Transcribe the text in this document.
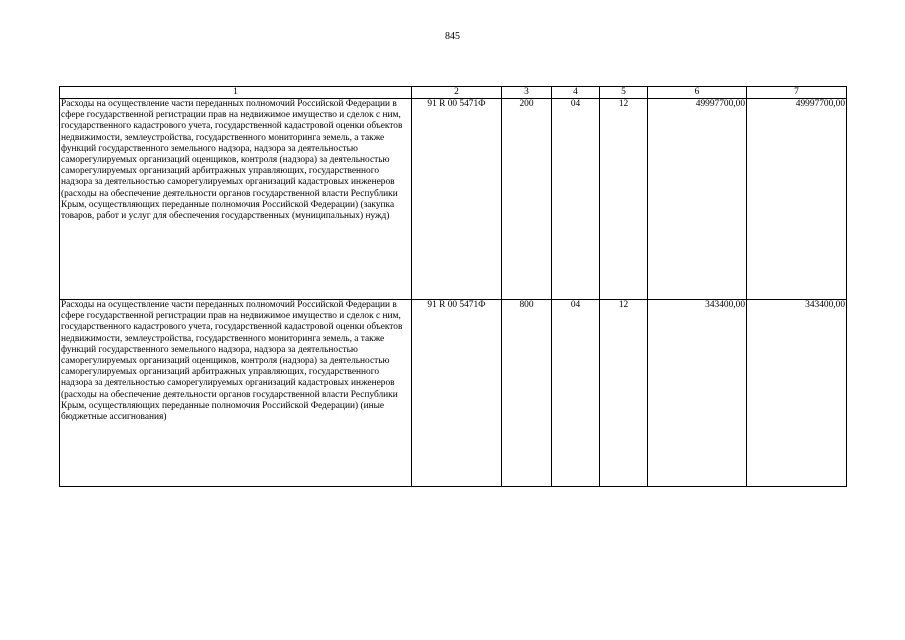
845
1	2	3	4	5	6	7
Расходы на осуществление части переданных полномочий Российской Федерации в сфере государственной регистрации прав на недвижимое имущество и сделок с ним, государственного кадастрового учета, государственной кадастровой оценки объектов недвижимости, землеустройства, государственного мониторинга земель, а также функций государственного земельного надзора, надзора за деятельностью саморегулируемых организаций оценщиков, контроля (надзора) за деятельностью саморегулируемых организаций арбитражных управляющих, государственного надзора за деятельностью саморегулируемых организаций кадастровых инженеров (расходы на обеспечение деятельности органов государственной власти Республики Крым, осуществляющих переданные полномочия Российской Федерации) (закупка товаров, работ и услуг для обеспечения государственных (муниципальных) нужд)	91 R 00 5471Ф	200	04	12	49997700,00	49997700,00
Расходы на осуществление части переданных полномочий Российской Федерации в сфере государственной регистрации прав на недвижимое имущество и сделок с ним, государственного кадастрового учета, государственной кадастровой оценки объектов недвижимости, землеустройства, государственного мониторинга земель, а также функций государственного земельного надзора, надзора за деятельностью саморегулируемых организаций оценщиков, контроля (надзора) за деятельностью саморегулируемых организаций арбитражных управляющих, государственного надзора за деятельностью саморегулируемых организаций кадастровых инженеров (расходы на обеспечение деятельности органов государственной власти Республики Крым, осуществляющих переданные полномочия Российской Федерации) (иные бюджетные ассигнования)	91 R 00 5471Ф	800	04	12	343400,00	343400,00
